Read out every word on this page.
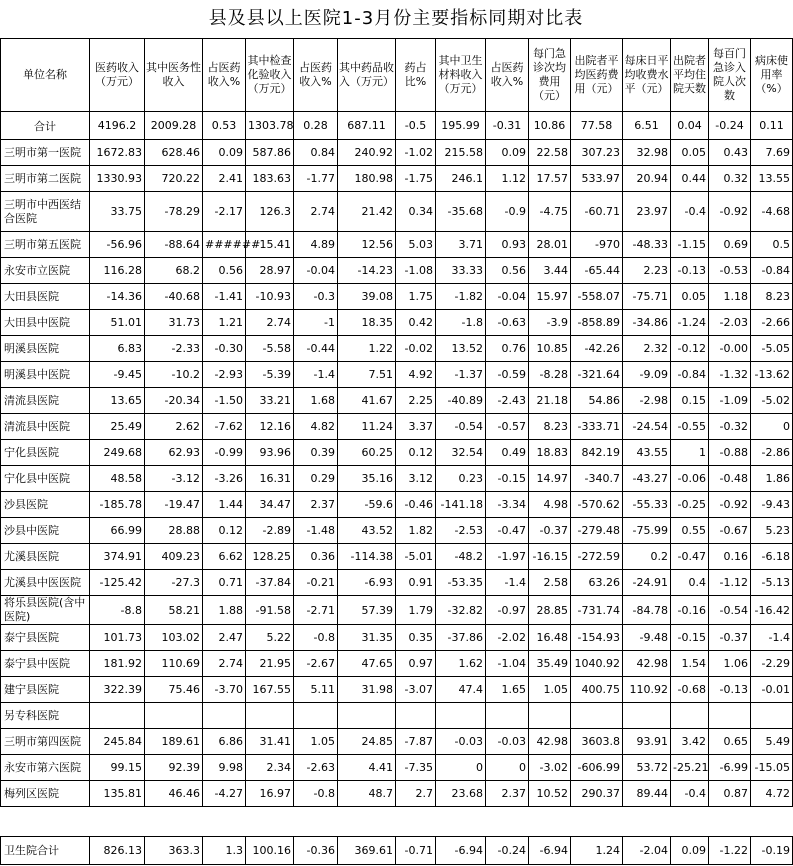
县及县以上医院1-3月份主要指标同期对比表
单位名称	医药收入（万元）	其中医务性收入	占医药收入%	其中检查化验收入（万元）	占医药收入%	其中药品收入（万元）	药占比%	其中卫生材料收入（万元）	占医药收入%	每门急诊次均费用（元）	出院者平均医药费用（元）	每床日平均收费水平（元）	出院者平均住院天数	每百门急诊入院人次数	病床使用率（%）
合计	4196.2	2009.28	0.53	1303.78	0.28	687.11	-0.5	195.99	-0.31	10.86	77.58	6.51	0.04	-0.24	0.11
三明市第一医院	1672.83	628.46	0.09	587.86	0.84	240.92	-1.02	215.58	0.09	22.58	307.23	32.98	0.05	0.43	7.69
三明市第二医院	1330.93	720.22	2.41	183.63	-1.77	180.98	-1.75	246.1	1.12	17.57	533.97	20.94	0.44	0.32	13.55
三明市中西医结合医院	33.75	-78.29	-2.17	126.3	2.74	21.42	0.34	-35.68	-0.9	-4.75	-60.71	23.97	-0.4	-0.92	-4.68
三明市第五医院	-56.96	-88.64	######	15.41	4.89	12.56	5.03	3.71	0.93	28.01	-970	-48.33	-1.15	0.69	0.5
永安市立医院	116.28	68.2	0.56	28.97	-0.04	-14.23	-1.08	33.33	0.56	3.44	-65.44	2.23	-0.13	-0.53	-0.84
大田县医院	-14.36	-40.68	-1.41	-10.93	-0.3	39.08	1.75	-1.82	-0.04	15.97	-558.07	-75.71	0.05	1.18	8.23
大田县中医院	51.01	31.73	1.21	2.74	-1	18.35	0.42	-1.8	-0.63	-3.9	-858.89	-34.86	-1.24	-2.03	-2.66
明溪县医院	6.83	-2.33	-0.30	-5.58	-0.44	1.22	-0.02	13.52	0.76	10.85	-42.26	2.32	-0.12	-0.00	-5.05
明溪县中医院	-9.45	-10.2	-2.93	-5.39	-1.4	7.51	4.92	-1.37	-0.59	-8.28	-321.64	-9.09	-0.84	-1.32	-13.62
清流县医院	13.65	-20.34	-1.50	33.21	1.68	41.67	2.25	-40.89	-2.43	21.18	54.86	-2.98	0.15	-1.09	-5.02
清流县中医院	25.49	2.62	-7.62	12.16	4.82	11.24	3.37	-0.54	-0.57	8.23	-333.71	-24.54	-0.55	-0.32	0
宁化县医院	249.68	62.93	-0.99	93.96	0.39	60.25	0.12	32.54	0.49	18.83	842.19	43.55	1	-0.88	-2.86
宁化县中医院	48.58	-3.12	-3.26	16.31	0.29	35.16	3.12	0.23	-0.15	14.97	-340.7	-43.27	-0.06	-0.48	1.86
沙县医院	-185.78	-19.47	1.44	34.47	2.37	-59.6	-0.46	-141.18	-3.34	4.98	-570.62	-55.33	-0.25	-0.92	-9.43
沙县中医院	66.99	28.88	0.12	-2.89	-1.48	43.52	1.82	-2.53	-0.47	-0.37	-279.48	-75.99	0.55	-0.67	5.23
尤溪县医院	374.91	409.23	6.62	128.25	0.36	-114.38	-5.01	-48.2	-1.97	-16.15	-272.59	0.2	-0.47	0.16	-6.18
尤溪县中医医院	-125.42	-27.3	0.71	-37.84	-0.21	-6.93	0.91	-53.35	-1.4	2.58	63.26	-24.91	0.4	-1.12	-5.13
将乐县医院(含中医院)	-8.8	58.21	1.88	-91.58	-2.71	57.39	1.79	-32.82	-0.97	28.85	-731.74	-84.78	-0.16	-0.54	-16.42
泰宁县医院	101.73	103.02	2.47	5.22	-0.8	31.35	0.35	-37.86	-2.02	16.48	-154.93	-9.48	-0.15	-0.37	-1.4
泰宁县中医院	181.92	110.69	2.74	21.95	-2.67	47.65	0.97	1.62	-1.04	35.49	1040.92	42.98	1.54	1.06	-2.29
建宁县医院	322.39	75.46	-3.70	167.55	5.11	31.98	-3.07	47.4	1.65	1.05	400.75	110.92	-0.68	-0.13	-0.01
另专科医院															
三明市第四医院	245.84	189.61	6.86	31.41	1.05	24.85	-7.87	-0.03	-0.03	42.98	3603.8	93.91	3.42	0.65	5.49
永安市第六医院	99.15	92.39	9.98	2.34	-2.63	4.41	-7.35	0	0	-3.02	-606.99	53.72	-25.21	-6.99	-15.05
梅列区医院	135.81	46.46	-4.27	16.97	-0.8	48.7	2.7	23.68	2.37	10.52	290.37	89.44	-0.4	0.87	4.72

卫生院合计	826.13	363.3	1.3	100.16	-0.36	369.61	-0.71	-6.94	-0.24	-6.94	1.24	-2.04	0.09	-1.22	-0.19
